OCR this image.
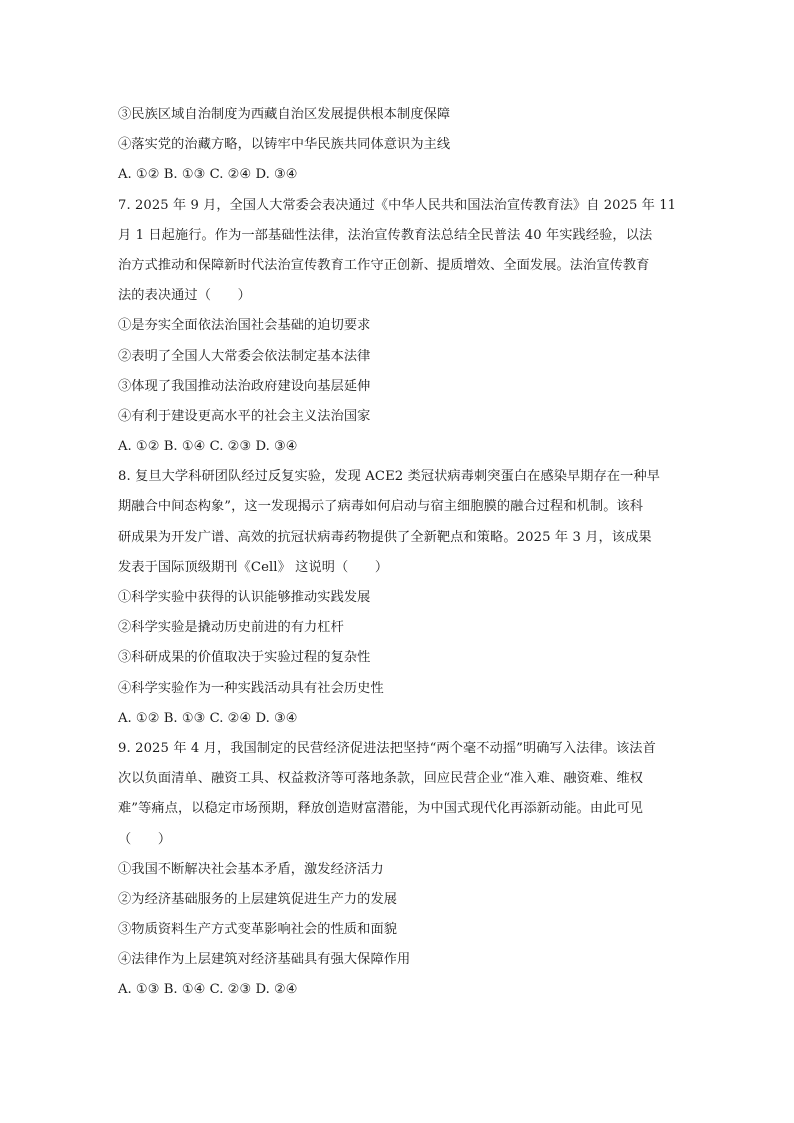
③民族区域自治制度为西藏自治区发展提供根本制度保障
④落实党的治藏方略，以铸牢中华民族共同体意识为主线
A. ①② B. ①③ C. ②④ D. ③④
7. 2025 年 9 月，全国人大常委会表决通过《中华人民共和国法治宣传教育法》自 2025 年 11
月 1 日起施行。作为一部基础性法律，法治宣传教育法总结全民普法 40 年实践经验，以法
治方式推动和保障新时代法治宣传教育工作守正创新、提质增效、全面发展。法治宣传教育
法的表决通过（　　）
①是夯实全面依法治国社会基础的迫切要求
②表明了全国人大常委会依法制定基本法律
③体现了我国推动法治政府建设向基层延伸
④有利于建设更高水平的社会主义法治国家
A. ①② B. ①④ C. ②③ D. ③④
8. 复旦大学科研团队经过反复实验，发现 ACE2 类冠状病毒刺突蛋白在感染早期存在一种早
期融合中间态构象”，这一发现揭示了病毒如何启动与宿主细胞膜的融合过程和机制。该科
研成果为开发广谱、高效的抗冠状病毒药物提供了全新靶点和策略。2025 年 3 月，该成果
发表于国际顶级期刊《Cell》 这说明（　　）
①科学实验中获得的认识能够推动实践发展
②科学实验是撬动历史前进的有力杠杆
③科研成果的价值取决于实验过程的复杂性
④科学实验作为一种实践活动具有社会历史性
A. ①② B. ①③ C. ②④ D. ③④
9. 2025 年 4 月，我国制定的民营经济促进法把坚持“两个毫不动摇”明确写入法律。该法首
次以负面清单、融资工具、权益救济等可落地条款，回应民营企业“准入难、融资难、维权
难”等痛点，以稳定市场预期，释放创造财富潜能，为中国式现代化再添新动能。由此可见
（　　）
①我国不断解决社会基本矛盾，激发经济活力
②为经济基础服务的上层建筑促进生产力的发展
③物质资料生产方式变革影响社会的性质和面貌
④法律作为上层建筑对经济基础具有强大保障作用
A. ①③ B. ①④ C. ②③ D. ②④
